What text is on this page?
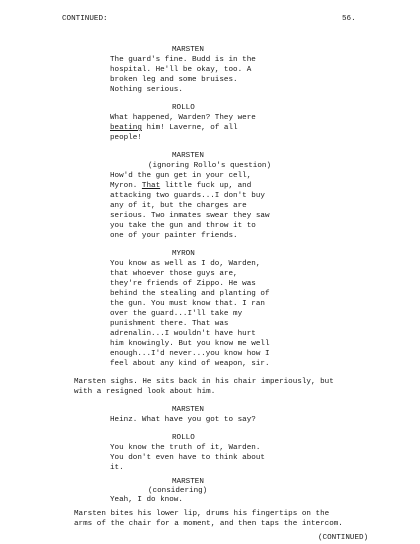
CONTINUED:	56.
MARSTEN
The guard's fine. Budd is in the
hospital. He'll be okay, too. A
broken leg and some bruises.
Nothing serious.
ROLLO
What happened, Warden? They were
beating him! Laverne, of all
people!
MARSTEN
(ignoring Rollo's question)
How'd the gun get in your cell,
Myron. That little fuck up, and
attacking two guards...I don't buy
any of it, but the charges are
serious. Two inmates swear they saw
you take the gun and throw it to
one of your painter friends.
MYRON
You know as well as I do, Warden,
that whoever those guys are,
they're friends of Zippo. He was
behind the stealing and planting of
the gun. You must know that. I ran
over the guard...I'll take my
punishment there. That was
adrenalin...I wouldn't have hurt
him knowingly. But you know me well
enough...I'd never...you know how I
feel about any kind of weapon, sir.
Marsten sighs. He sits back in his chair imperiously, but
with a resigned look about him.
MARSTEN
Heinz. What have you got to say?
ROLLO
You know the truth of it, Warden.
You don't even have to think about
it.
MARSTEN
(considering)
Yeah, I do know.
Marsten bites his lower lip, drums his fingertips on the
arms of the chair for a moment, and then taps the intercom.
(CONTINUED)
